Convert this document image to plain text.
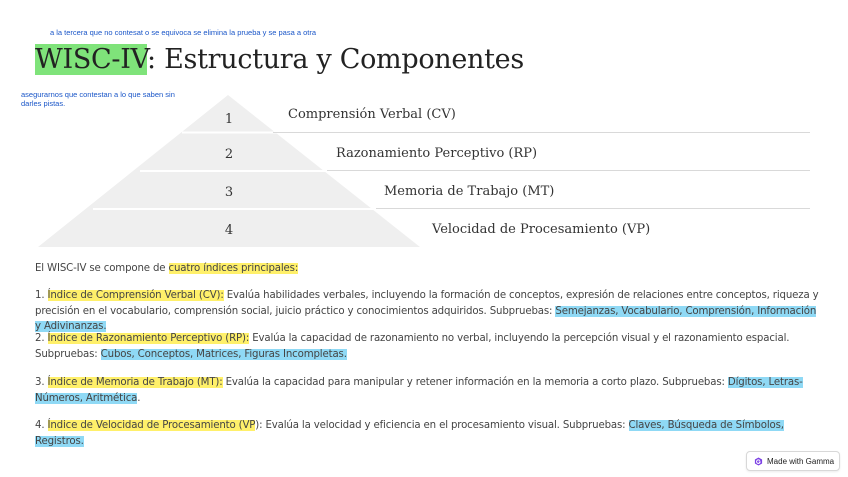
a la tercera que no contesat o se equivoca se elimina la prueba y se pasa a otra
asegurarnos que contestan a lo que saben sin darles pistas.
WISC-IV: Estructura y Componentes
1
2
3
4
Comprensión Verbal (CV)
Razonamiento Perceptivo (RP)
Memoria de Trabajo (MT)
Velocidad de Procesamiento (VP)
El WISC-IV se compone de cuatro índices principales:
1. Índice de Comprensión Verbal (CV): Evalúa habilidades verbales, incluyendo la formación de conceptos, expresión de relaciones entre conceptos, riqueza y precisión en el vocabulario, comprensión social, juicio práctico y conocimientos adquiridos. Subpruebas: Semejanzas, Vocabulario, Comprensión, Información y Adivinanzas.
2. Índice de Razonamiento Perceptivo (RP): Evalúa la capacidad de razonamiento no verbal, incluyendo la percepción visual y el razonamiento espacial. Subpruebas: Cubos, Conceptos, Matrices, Figuras Incompletas.
3. Índice de Memoria de Trabajo (MT): Evalúa la capacidad para manipular y retener información en la memoria a corto plazo. Subpruebas: Dígitos, Letras-Números, Aritmética.
4. Índice de Velocidad de Procesamiento (VP): Evalúa la velocidad y eficiencia en el procesamiento visual. Subpruebas: Claves, Búsqueda de Símbolos, Registros.
Made with Gamma
